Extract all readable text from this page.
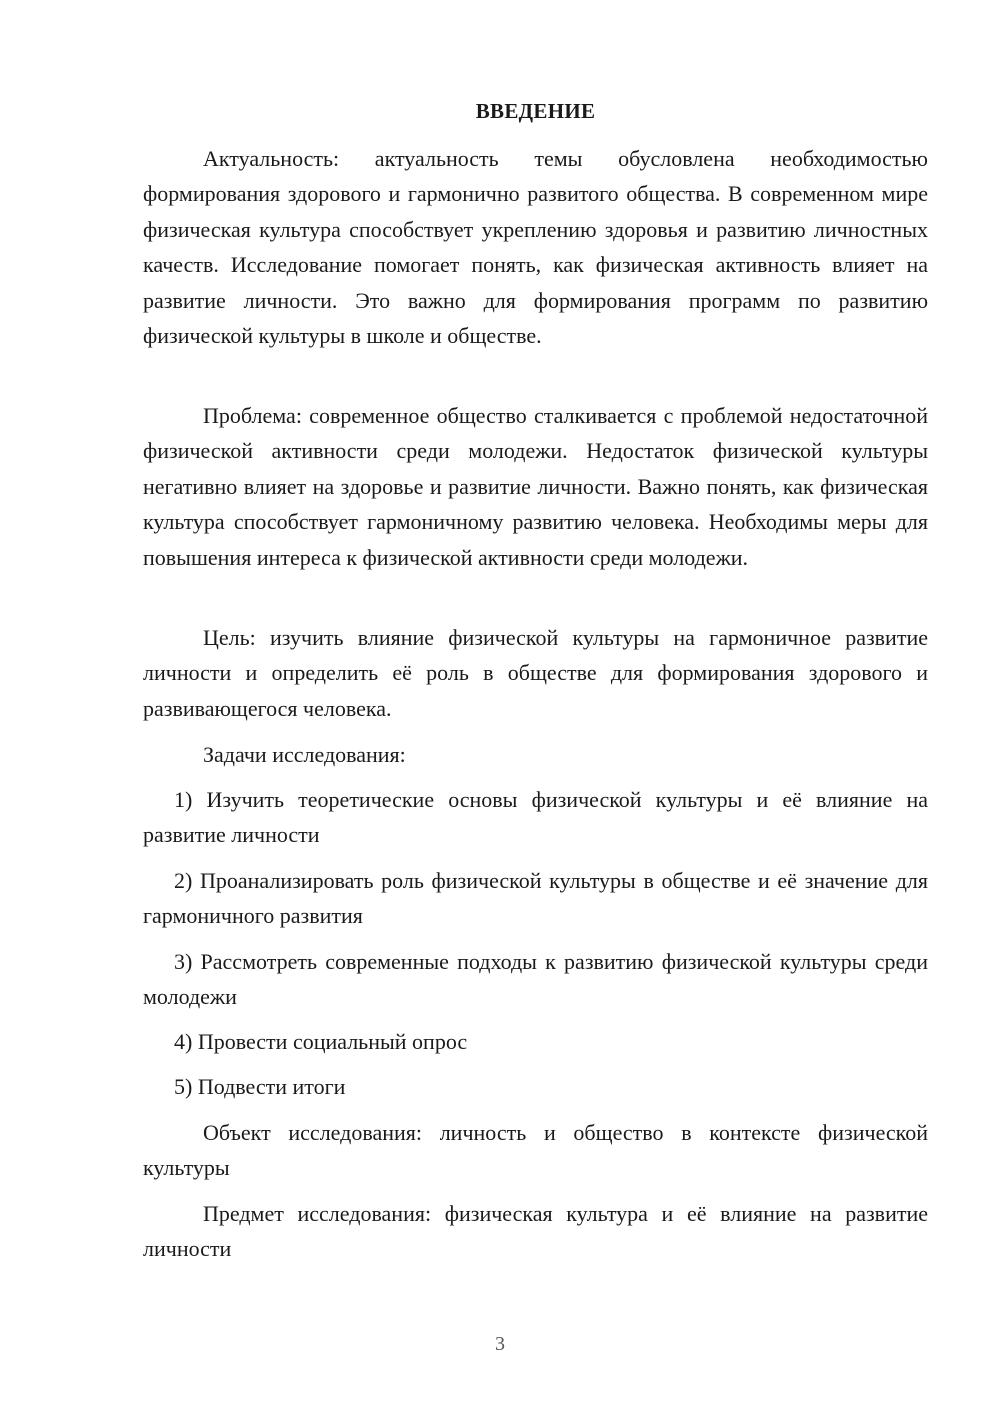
ВВЕДЕНИЕ

Актуальность: актуальность темы обусловлена необходимостью формирования здорового и гармонично развитого общества. В современном мире физическая культура способствует укреплению здоровья и развитию личностных качеств. Исследование помогает понять, как физическая активность влияет на развитие личности. Это важно для формирования программ по развитию физической культуры в школе и обществе.

Проблема: современное общество сталкивается с проблемой недостаточной физической активности среди молодежи. Недостаток физической культуры негативно влияет на здоровье и развитие личности. Важно понять, как физическая культура способствует гармоничному развитию человека. Необходимы меры для повышения интереса к физической активности среди молодежи.

Цель: изучить влияние физической культуры на гармоничное развитие личности и определить её роль в обществе для формирования здорового и развивающегося человека.

Задачи исследования:

1) Изучить теоретические основы физической культуры и её влияние на развитие личности

2) Проанализировать роль физической культуры в обществе и её значение для гармоничного развития

3) Рассмотреть современные подходы к развитию физической культуры среди молодежи

4) Провести социальный опрос

5) Подвести итоги

Объект исследования: личность и общество в контексте физической культуры

Предмет исследования: физическая культура и её влияние на развитие личности

3
